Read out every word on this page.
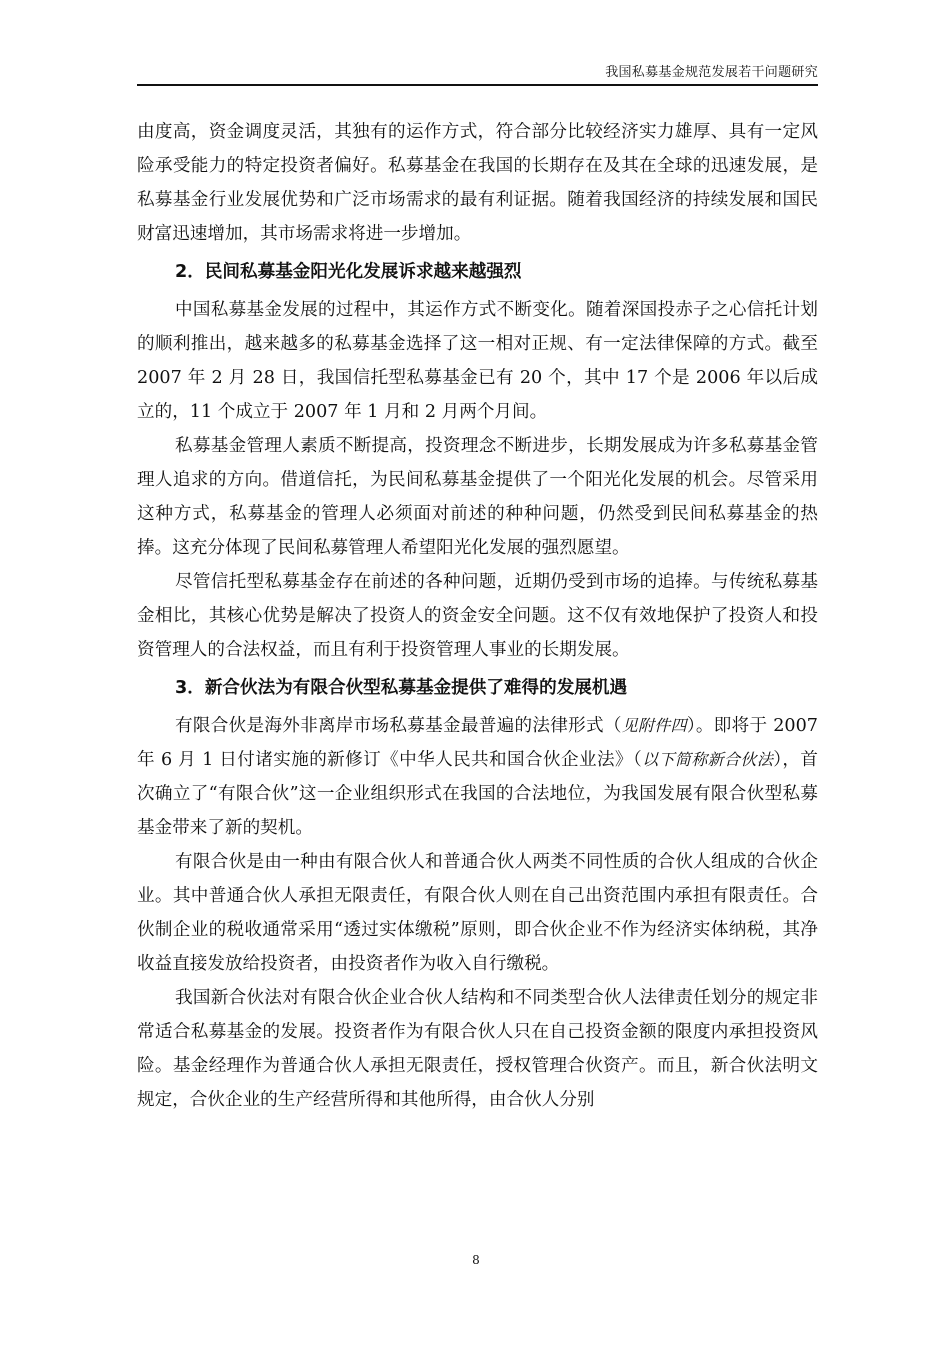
我国私募基金规范发展若干问题研究

由度高，资金调度灵活，其独有的运作方式，符合部分比较经济实力雄厚、具有一定风险承受能力的特定投资者偏好。私募基金在我国的长期存在及其在全球的迅速发展，是私募基金行业发展优势和广泛市场需求的最有利证据。随着我国经济的持续发展和国民财富迅速增加，其市场需求将进一步增加。

2．民间私募基金阳光化发展诉求越来越强烈

中国私募基金发展的过程中，其运作方式不断变化。随着深国投赤子之心信托计划的顺利推出，越来越多的私募基金选择了这一相对正规、有一定法律保障的方式。截至 2007 年 2 月 28 日，我国信托型私募基金已有 20 个，其中 17 个是 2006 年以后成立的，11 个成立于 2007 年 1 月和 2 月两个月间。

私募基金管理人素质不断提高，投资理念不断进步，长期发展成为许多私募基金管理人追求的方向。借道信托，为民间私募基金提供了一个阳光化发展的机会。尽管采用这种方式，私募基金的管理人必须面对前述的种种问题，仍然受到民间私募基金的热捧。这充分体现了民间私募管理人希望阳光化发展的强烈愿望。

尽管信托型私募基金存在前述的各种问题，近期仍受到市场的追捧。与传统私募基金相比，其核心优势是解决了投资人的资金安全问题。这不仅有效地保护了投资人和投资管理人的合法权益，而且有利于投资管理人事业的长期发展。

3．新合伙法为有限合伙型私募基金提供了难得的发展机遇

有限合伙是海外非离岸市场私募基金最普遍的法律形式（见附件四）。即将于 2007 年 6 月 1 日付诸实施的新修订《中华人民共和国合伙企业法》（以下简称新合伙法），首次确立了“有限合伙”这一企业组织形式在我国的合法地位，为我国发展有限合伙型私募基金带来了新的契机。

有限合伙是由一种由有限合伙人和普通合伙人两类不同性质的合伙人组成的合伙企业。其中普通合伙人承担无限责任，有限合伙人则在自己出资范围内承担有限责任。合伙制企业的税收通常采用“透过实体缴税”原则，即合伙企业不作为经济实体纳税，其净收益直接发放给投资者，由投资者作为收入自行缴税。

我国新合伙法对有限合伙企业合伙人结构和不同类型合伙人法律责任划分的规定非常适合私募基金的发展。投资者作为有限合伙人只在自己投资金额的限度内承担投资风险。基金经理作为普通合伙人承担无限责任，授权管理合伙资产。而且，新合伙法明文规定，合伙企业的生产经营所得和其他所得，由合伙人分别

8
